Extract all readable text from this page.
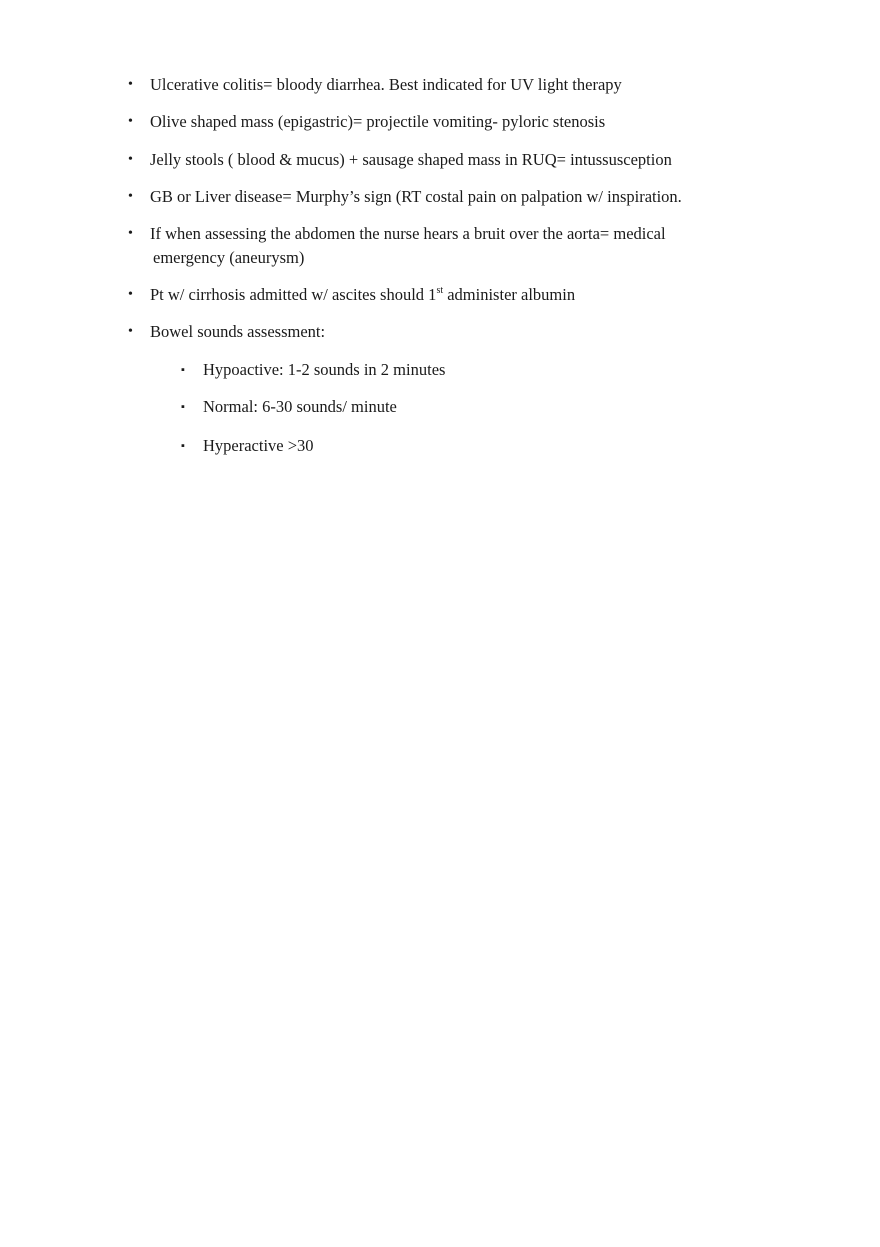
• Ulcerative colitis= bloody diarrhea. Best indicated for UV light therapy
• Olive shaped mass (epigastric)= projectile vomiting- pyloric stenosis
• Jelly stools ( blood & mucus) + sausage shaped mass in RUQ= intussusception
• GB or Liver disease= Murphy’s sign (RT costal pain on palpation w/ inspiration.
• If when assessing the abdomen the nurse hears a bruit over the aorta= medical
emergency (aneurysm)
• Pt w/ cirrhosis admitted w/ ascites should 1st administer albumin
• Bowel sounds assessment:
▪ Hypoactive: 1-2 sounds in 2 minutes
▪ Normal: 6-30 sounds/ minute
▪ Hyperactive >30
